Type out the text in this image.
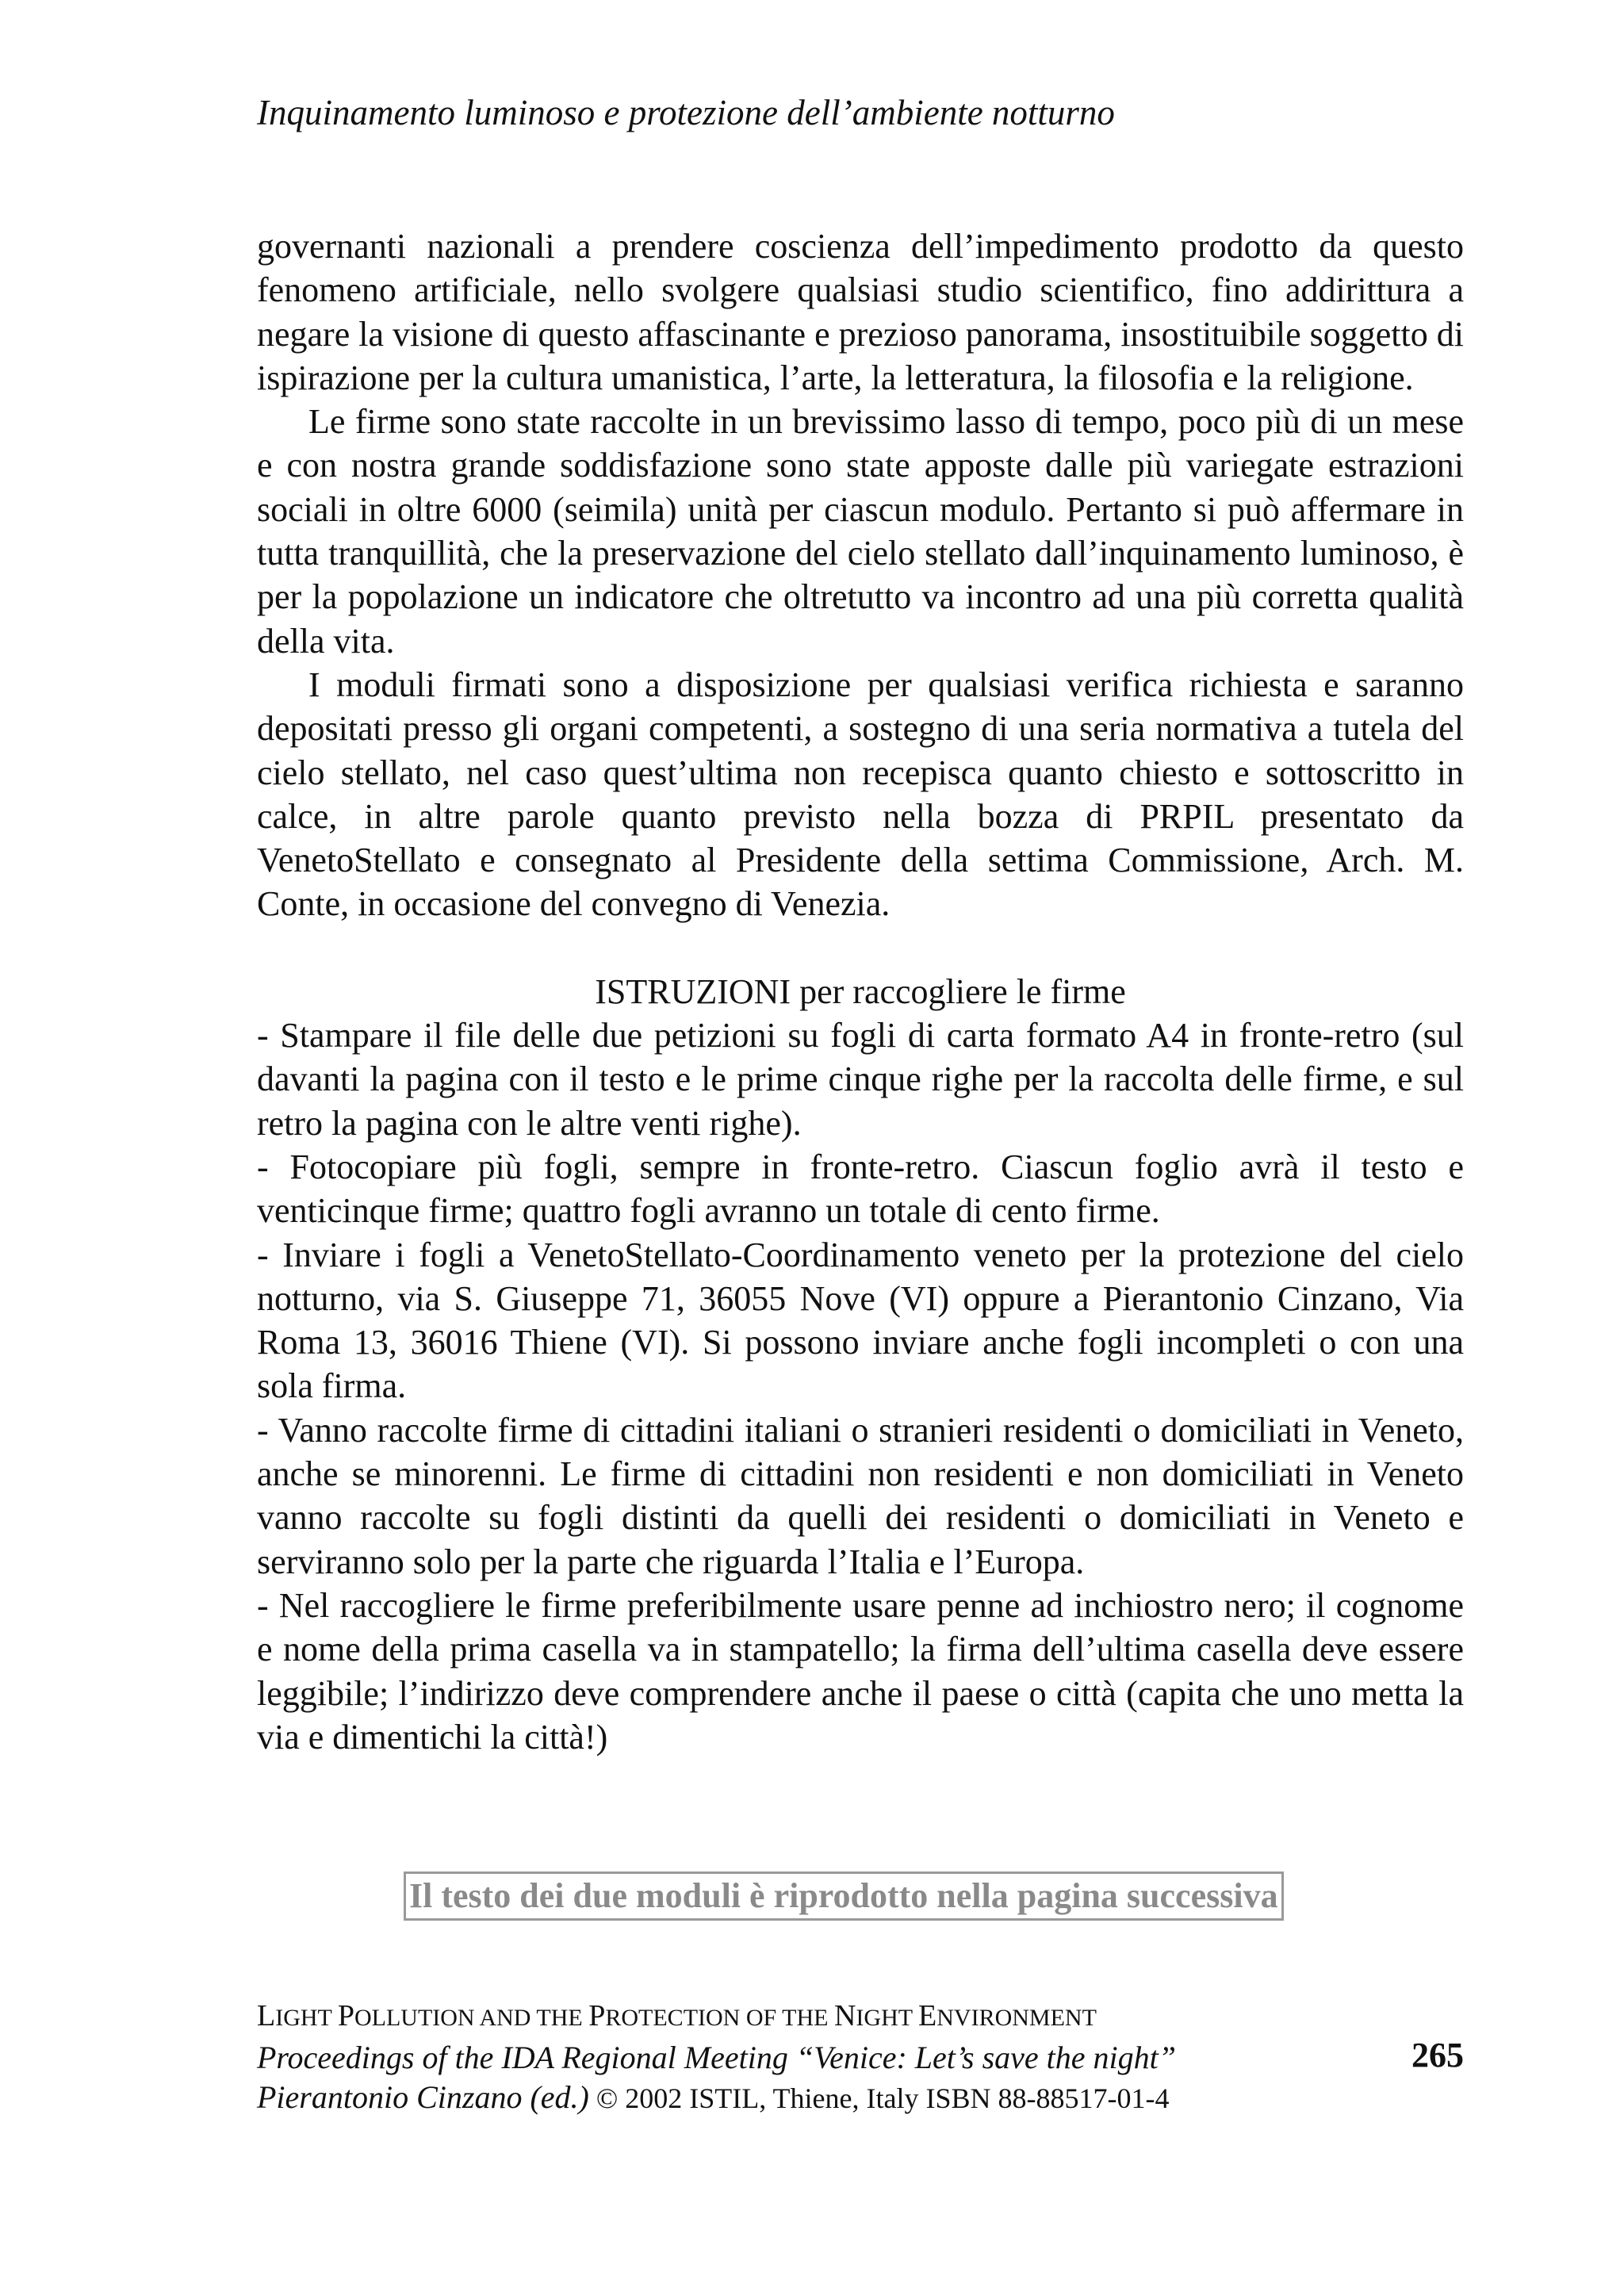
Inquinamento luminoso e protezione dell’ambiente notturno

governanti nazionali a prendere coscienza dell’impedimento prodotto da questo fenomeno artificiale, nello svolgere qualsiasi studio scientifico, fino addirittura a negare la visione di questo affascinante e prezioso panorama, insostituibile soggetto di ispirazione per la cultura umanistica, l’arte, la letteratura, la filosofia e la religione.

Le firme sono state raccolte in un brevissimo lasso di tempo, poco più di un mese e con nostra grande soddisfazione sono state apposte dalle più variegate estrazioni sociali in oltre 6000 (seimila) unità per ciascun modulo. Pertanto si può affermare in tutta tranquillità, che la preservazione del cielo stellato dall’inquinamento luminoso, è per la popolazione un indicatore che oltretutto va incontro ad una più corretta qualità della vita.

I moduli firmati sono a disposizione per qualsiasi verifica richiesta e saranno depositati presso gli organi competenti, a sostegno di una seria normativa a tutela del cielo stellato, nel caso quest’ultima non recepisca quanto chiesto e sottoscritto in calce, in altre parole quanto previsto nella bozza di PRPIL presentato da VenetoStellato e consegnato al Presidente della settima Commissione, Arch. M. Conte, in occasione del convegno di Venezia.

ISTRUZIONI per raccogliere le firme

- Stampare il file delle due petizioni su fogli di carta formato A4 in fronte-retro (sul davanti la pagina con il testo e le prime cinque righe per la raccolta delle firme, e sul retro la pagina con le altre venti righe).

- Fotocopiare più fogli, sempre in fronte-retro. Ciascun foglio avrà il testo e venticinque firme; quattro fogli avranno un totale di cento firme.

- Inviare i fogli a VenetoStellato-Coordinamento veneto per la protezione del cielo notturno, via S. Giuseppe 71, 36055 Nove (VI) oppure a Pierantonio Cinzano, Via Roma 13, 36016 Thiene (VI). Si possono inviare anche fogli incompleti o con una sola firma.

- Vanno raccolte firme di cittadini italiani o stranieri residenti o domiciliati in Veneto, anche se minorenni. Le firme di cittadini non residenti e non domiciliati in Veneto vanno raccolte su fogli distinti da quelli dei residenti o domiciliati in Veneto e serviranno solo per la parte che riguarda l’Italia e l’Europa.

- Nel raccogliere le firme preferibilmente usare penne ad inchiostro nero; il cognome e nome della prima casella va in stampatello; la firma dell’ultima casella deve essere leggibile; l’indirizzo deve comprendere anche il paese o città (capita che uno metta la via e dimentichi la città!)

Il testo dei due moduli è riprodotto nella pagina successiva
LIGHT POLLUTION AND THE PROTECTION OF THE NIGHT ENVIRONMENT
Proceedings of the IDA Regional Meeting “Venice: Let’s save the night”
Pierantonio Cinzano (ed.) © 2002 ISTIL, Thiene, Italy ISBN 88-88517-01-4
265
